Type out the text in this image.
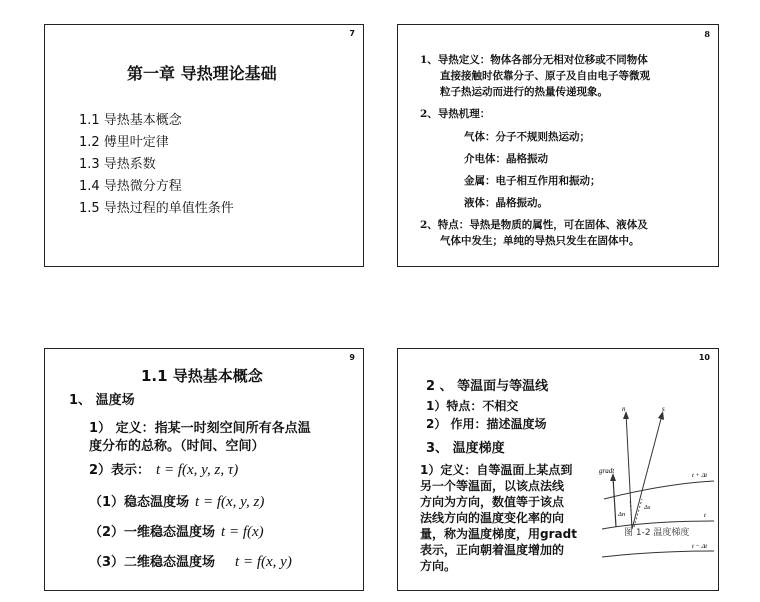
7
第一章 导热理论基础
1.1 导热基本概念
1.2 傅里叶定律
1.3 导热系数
1.4 导热微分方程
1.5 导热过程的单值性条件
8
1、导热定义：物体各部分无相对位移或不同物体
直接接触时依靠分子、原子及自由电子等微观
粒子热运动而进行的热量传递现象。
2、导热机理：
气体：分子不规则热运动；
介电体：晶格振动
金属：电子相互作用和振动；
液体：晶格振动。
2、特点：导热是物质的属性，可在固体、液体及
气体中发生；单纯的导热只发生在固体中。
9
1.1 导热基本概念
1、 温度场
1） 定义：指某一时刻空间所有各点温
度分布的总称。（时间、空间）
2）表示： t = f(x, y, z, τ)
（1）稳态温度场 t = f(x, y, z)
（2）一维稳态温度场 t = f(x)
（3）二维稳态温度场 t = f(x, y)
10
2 、 等温面与等温线
1）特点：不相交
2） 作用：描述温度场
3、 温度梯度
1）定义：自等温面上某点到
另一个等温面，以该点法线
方向为方向，数值等于该点
法线方向的温度变化率的向
量，称为温度梯度，用gradt
表示，正向朝着温度增加的
方向。
n	s
gradt
Δn
Δs
t + Δt
t
t − Δt
图 1-2 温度梯度
